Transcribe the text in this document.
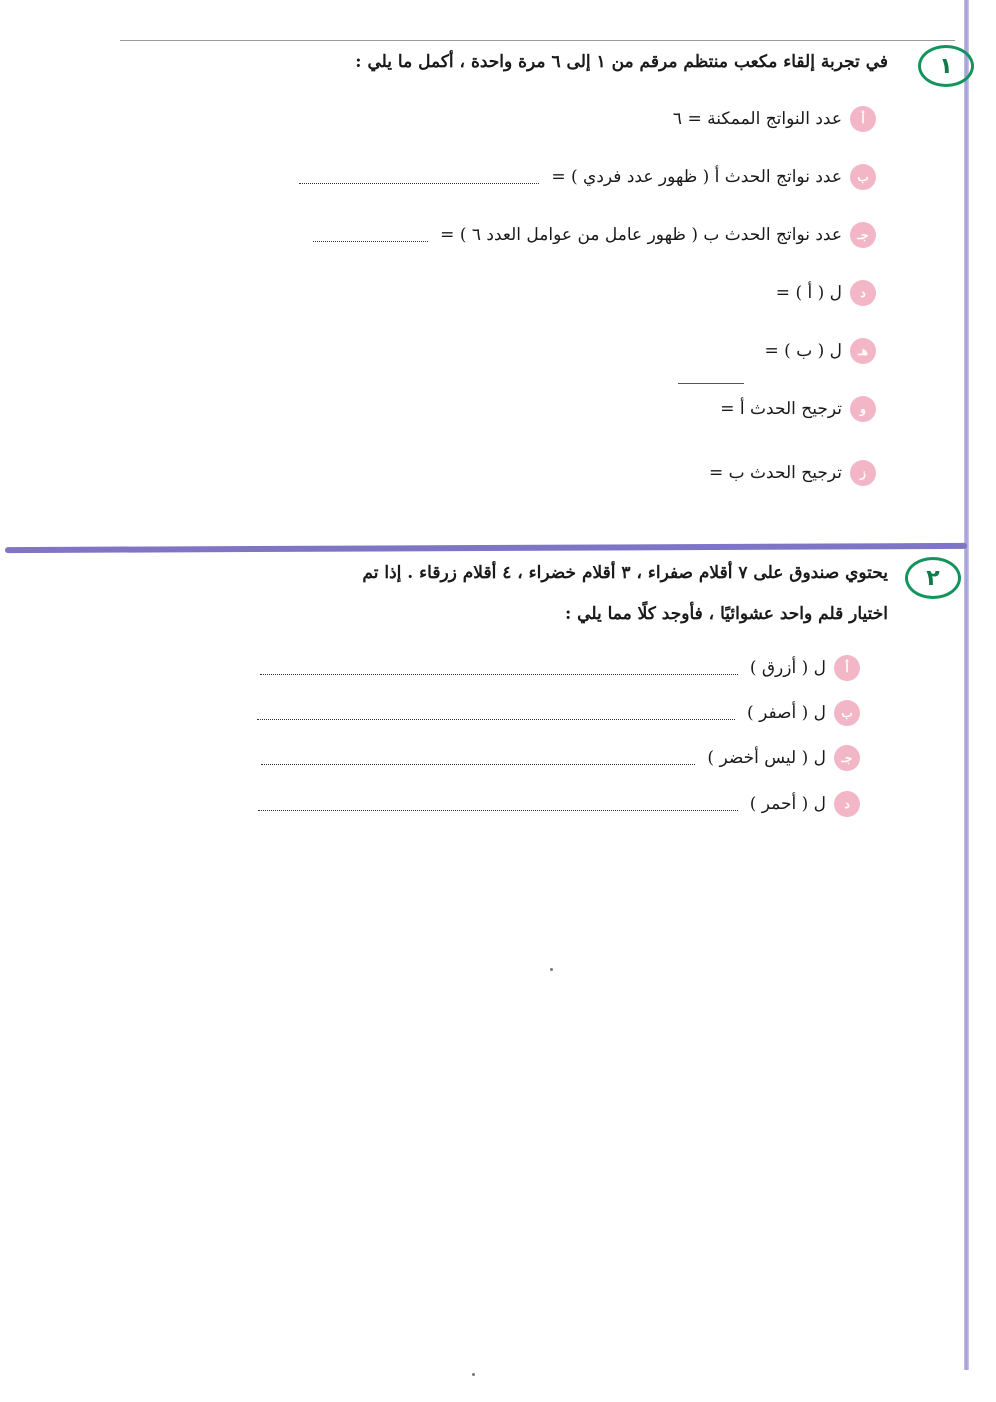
١
في تجربة إلقاء مكعب منتظم مرقم من ١ إلى ٦ مرة واحدة ، أكمل ما يلي :
أ
عدد النواتج الممكنة = ٦
ب
عدد نواتج الحدث أ ( ظهور عدد فردي ) =
جـ
عدد نواتج الحدث ب ( ظهور عامل من عوامل العدد ٦ ) =
د
ل ( أ ) =
هـ
ل ( ب ) =
و
ترجيح الحدث أ =
ز
ترجيح الحدث ب =
٢
يحتوي صندوق على ٧ أقلام صفراء ، ٣ أقلام خضراء ، ٤ أقلام زرقاء . إذا تم
اختيار قلم واحد عشوائيًا ، فأوجد كلًا مما يلي :
أ
ل ( أزرق )
ب
ل ( أصفر )
جـ
ل ( ليس أخضر )
د
ل ( أحمر )
